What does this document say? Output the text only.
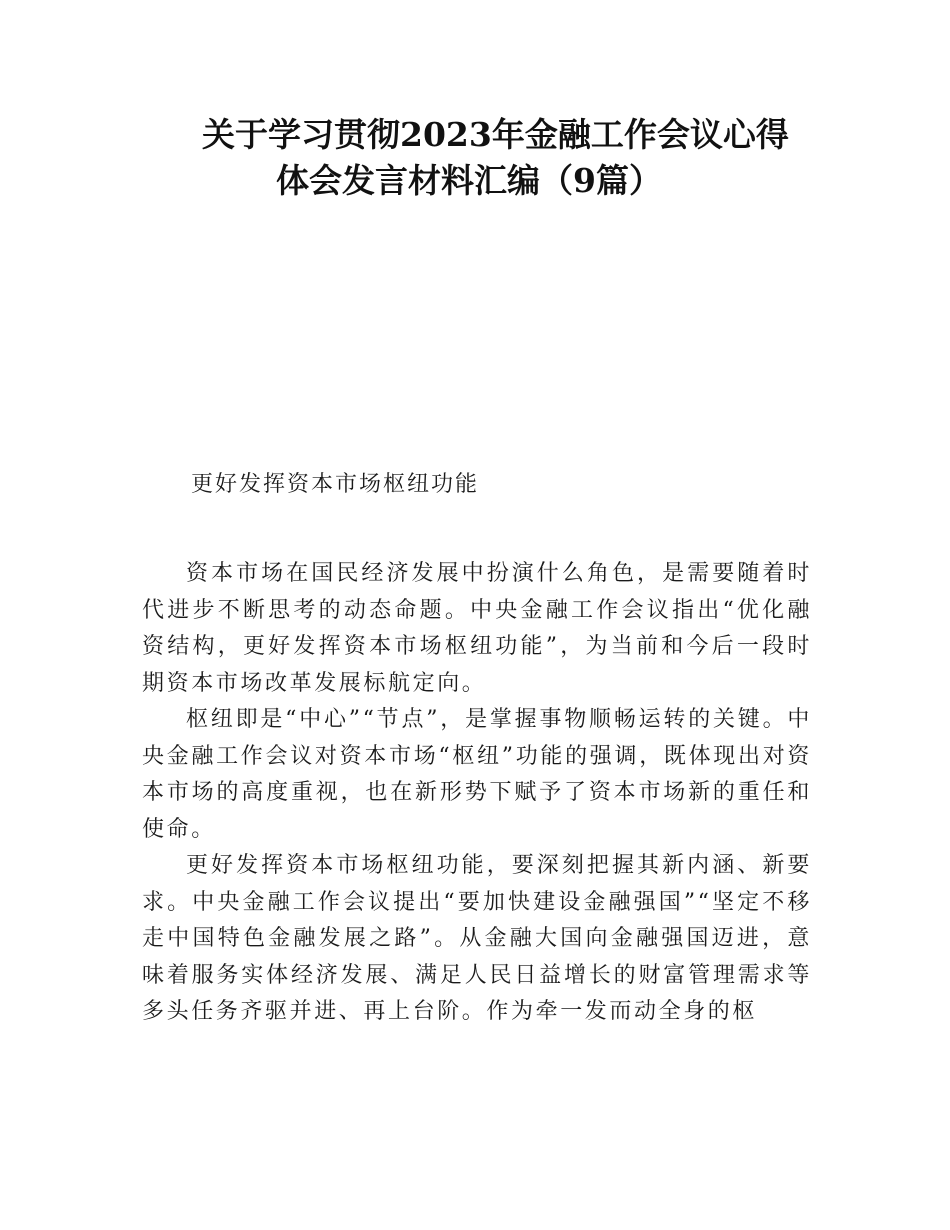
关于学习贯彻2023年金融工作会议心得
体会发言材料汇编（9篇）
更好发挥资本市场枢纽功能

资本市场在国民经济发展中扮演什么角色，是需要随着时代进步不断思考的动态命题。中央金融工作会议指出“优化融资结构，更好发挥资本市场枢纽功能”，为当前和今后一段时期资本市场改革发展标航定向。

枢纽即是“中心”“节点”，是掌握事物顺畅运转的关键。中央金融工作会议对资本市场“枢纽”功能的强调，既体现出对资本市场的高度重视，也在新形势下赋予了资本市场新的重任和使命。

更好发挥资本市场枢纽功能，要深刻把握其新内涵、新要求。中央金融工作会议提出“要加快建设金融强国”“坚定不移走中国特色金融发展之路”。从金融大国向金融强国迈进，意味着服务实体经济发展、满足人民日益增长的财富管理需求等多头任务齐驱并进、再上台阶。作为牵一发而动全身的枢
